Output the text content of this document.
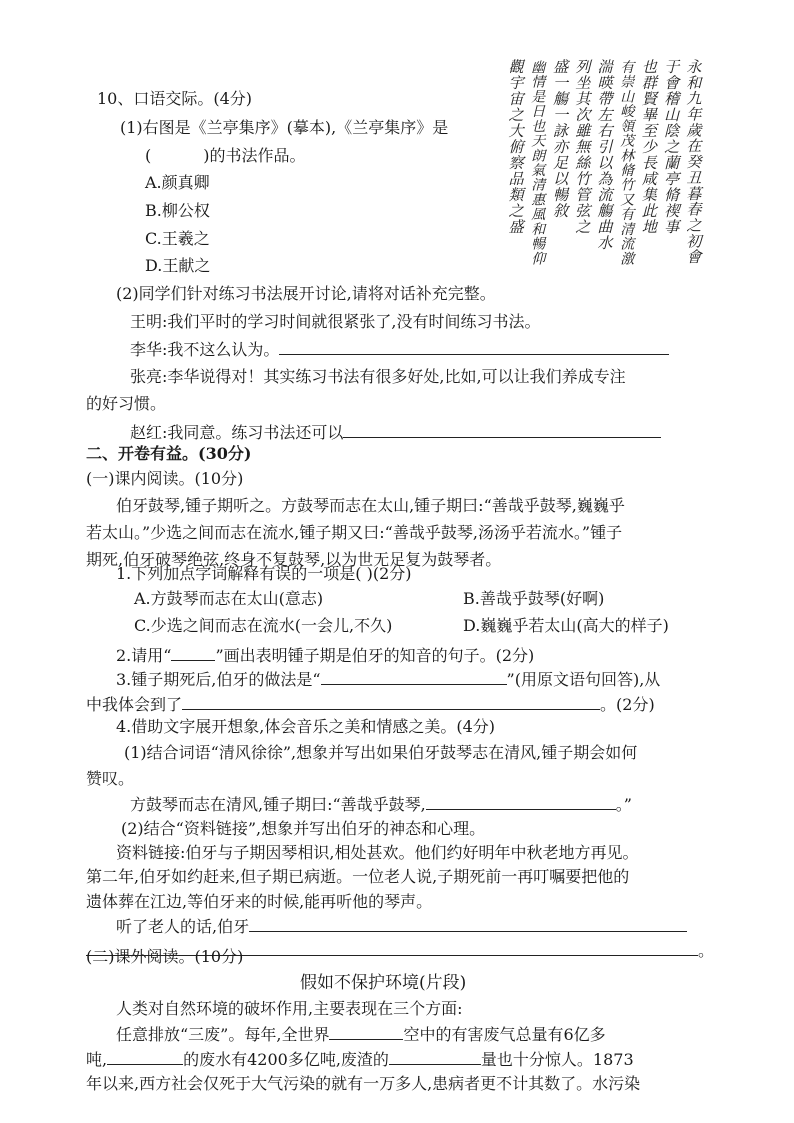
10、口语交际。(4分)
(1)右图是《兰亭集序》(摹本),《兰亭集序》是
(	)的书法作品。
A.颜真卿
B.柳公权
C.王羲之
D.王献之
永
和
九
年
歲
在
癸
丑
暮
春
之
初
會
于
會
稽
山
陰
之
蘭
亭
脩
禊
事
也
群
賢
畢
至
少
長
咸
集
此
地
有
崇
山
峻
領
茂
林
脩
竹
又
有
清
流
激
湍
暎
帶
左
右
引
以
為
流
觴
曲
水
列
坐
其
次
雖
無
絲
竹
管
弦
之
盛
一
觴
一
詠
亦
足
以
暢
敘
幽
情
是
日
也
天
朗
氣
清
惠
風
和
暢
仰
觀
宇
宙
之
大
俯
察
品
類
之
盛
(2)同学们针对练习书法展开讨论,请将对话补充完整。
王明:我们平时的学习时间就很紧张了,没有时间练习书法。
李华:我不这么认为。
张亮:李华说得对！其实练习书法有很多好处,比如,可以让我们养成专注
的好习惯。
赵红:我同意。练习书法还可以
二、开卷有益。(30分)
(一)课内阅读。(10分)
伯牙鼓琴,锺子期听之。方鼓琴而志在太山,锺子期曰:“善哉乎鼓琴,巍巍乎
若太山。”少选之间而志在流水,锺子期又曰:“善哉乎鼓琴,汤汤乎若流水。”锺子
期死,伯牙破琴绝弦,终身不复鼓琴,以为世无足复为鼓琴者。
1.下列加点字词解释有误的一项是( )(2分)
A.方鼓琴而志在太山(意志)	B.善哉乎鼓琴(好啊)
C.少选之间而志在流水(一会儿,不久)	D.巍巍乎若太山(高大的样子)
2.请用“	”画出表明锺子期是伯牙的知音的句子。(2分)
3.锺子期死后,伯牙的做法是“	”(用原文语句回答),从
中我体会到了	。(2分)
4.借助文字展开想象,体会音乐之美和情感之美。(4分)
(1)结合词语“清风徐徐”,想象并写出如果伯牙鼓琴志在清风,锺子期会如何
赞叹。
方鼓琴而志在清风,锺子期曰:“善哉乎鼓琴,	。”
(2)结合“资料链接”,想象并写出伯牙的神态和心理。
资料链接:伯牙与子期因琴相识,相处甚欢。他们约好明年中秋老地方再见。
第二年,伯牙如约赶来,但子期已病逝。一位老人说,子期死前一再叮嘱要把他的
遗体葬在江边,等伯牙来的时候,能再听他的琴声。
听了老人的话,伯牙
。
(二)课外阅读。(10分)
假如不保护环境(片段)
人类对自然环境的破坏作用,主要表现在三个方面:
任意排放“三废”。每年,全世界	空中的有害废气总量有6亿多
吨,	的废水有4200多亿吨,废渣的	量也十分惊人。1873
年以来,西方社会仅死于大气污染的就有一万多人,患病者更不计其数了。水污染
